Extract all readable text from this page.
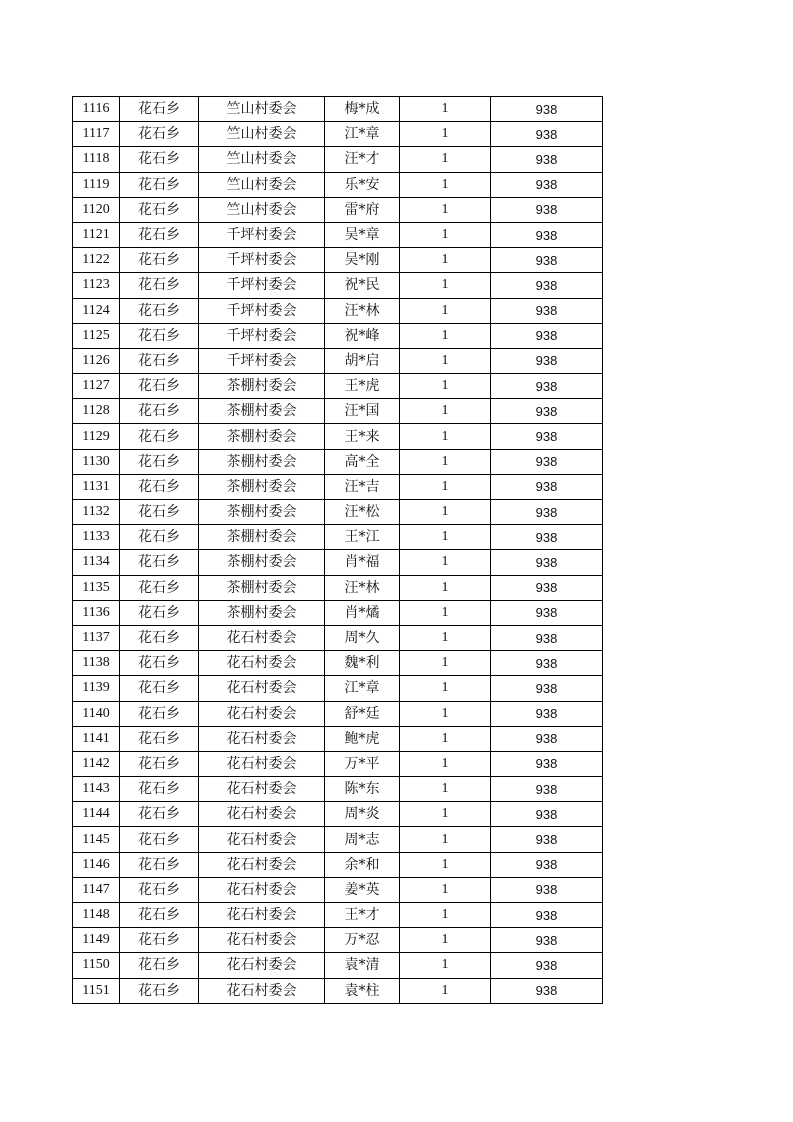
1116	花石乡	竺山村委会	梅*成	1	938
1117	花石乡	竺山村委会	江*章	1	938
1118	花石乡	竺山村委会	汪*才	1	938
1119	花石乡	竺山村委会	乐*安	1	938
1120	花石乡	竺山村委会	雷*府	1	938
1121	花石乡	千坪村委会	吴*章	1	938
1122	花石乡	千坪村委会	吴*刚	1	938
1123	花石乡	千坪村委会	祝*民	1	938
1124	花石乡	千坪村委会	汪*林	1	938
1125	花石乡	千坪村委会	祝*峰	1	938
1126	花石乡	千坪村委会	胡*启	1	938
1127	花石乡	茶棚村委会	王*虎	1	938
1128	花石乡	茶棚村委会	汪*国	1	938
1129	花石乡	茶棚村委会	王*来	1	938
1130	花石乡	茶棚村委会	高*全	1	938
1131	花石乡	茶棚村委会	汪*吉	1	938
1132	花石乡	茶棚村委会	汪*松	1	938
1133	花石乡	茶棚村委会	王*江	1	938
1134	花石乡	茶棚村委会	肖*福	1	938
1135	花石乡	茶棚村委会	汪*林	1	938
1136	花石乡	茶棚村委会	肖*燏	1	938
1137	花石乡	花石村委会	周*久	1	938
1138	花石乡	花石村委会	魏*利	1	938
1139	花石乡	花石村委会	江*章	1	938
1140	花石乡	花石村委会	舒*廷	1	938
1141	花石乡	花石村委会	鲍*虎	1	938
1142	花石乡	花石村委会	万*平	1	938
1143	花石乡	花石村委会	陈*东	1	938
1144	花石乡	花石村委会	周*炎	1	938
1145	花石乡	花石村委会	周*志	1	938
1146	花石乡	花石村委会	余*和	1	938
1147	花石乡	花石村委会	姜*英	1	938
1148	花石乡	花石村委会	王*才	1	938
1149	花石乡	花石村委会	万*忍	1	938
1150	花石乡	花石村委会	袁*清	1	938
1151	花石乡	花石村委会	袁*柱	1	938
